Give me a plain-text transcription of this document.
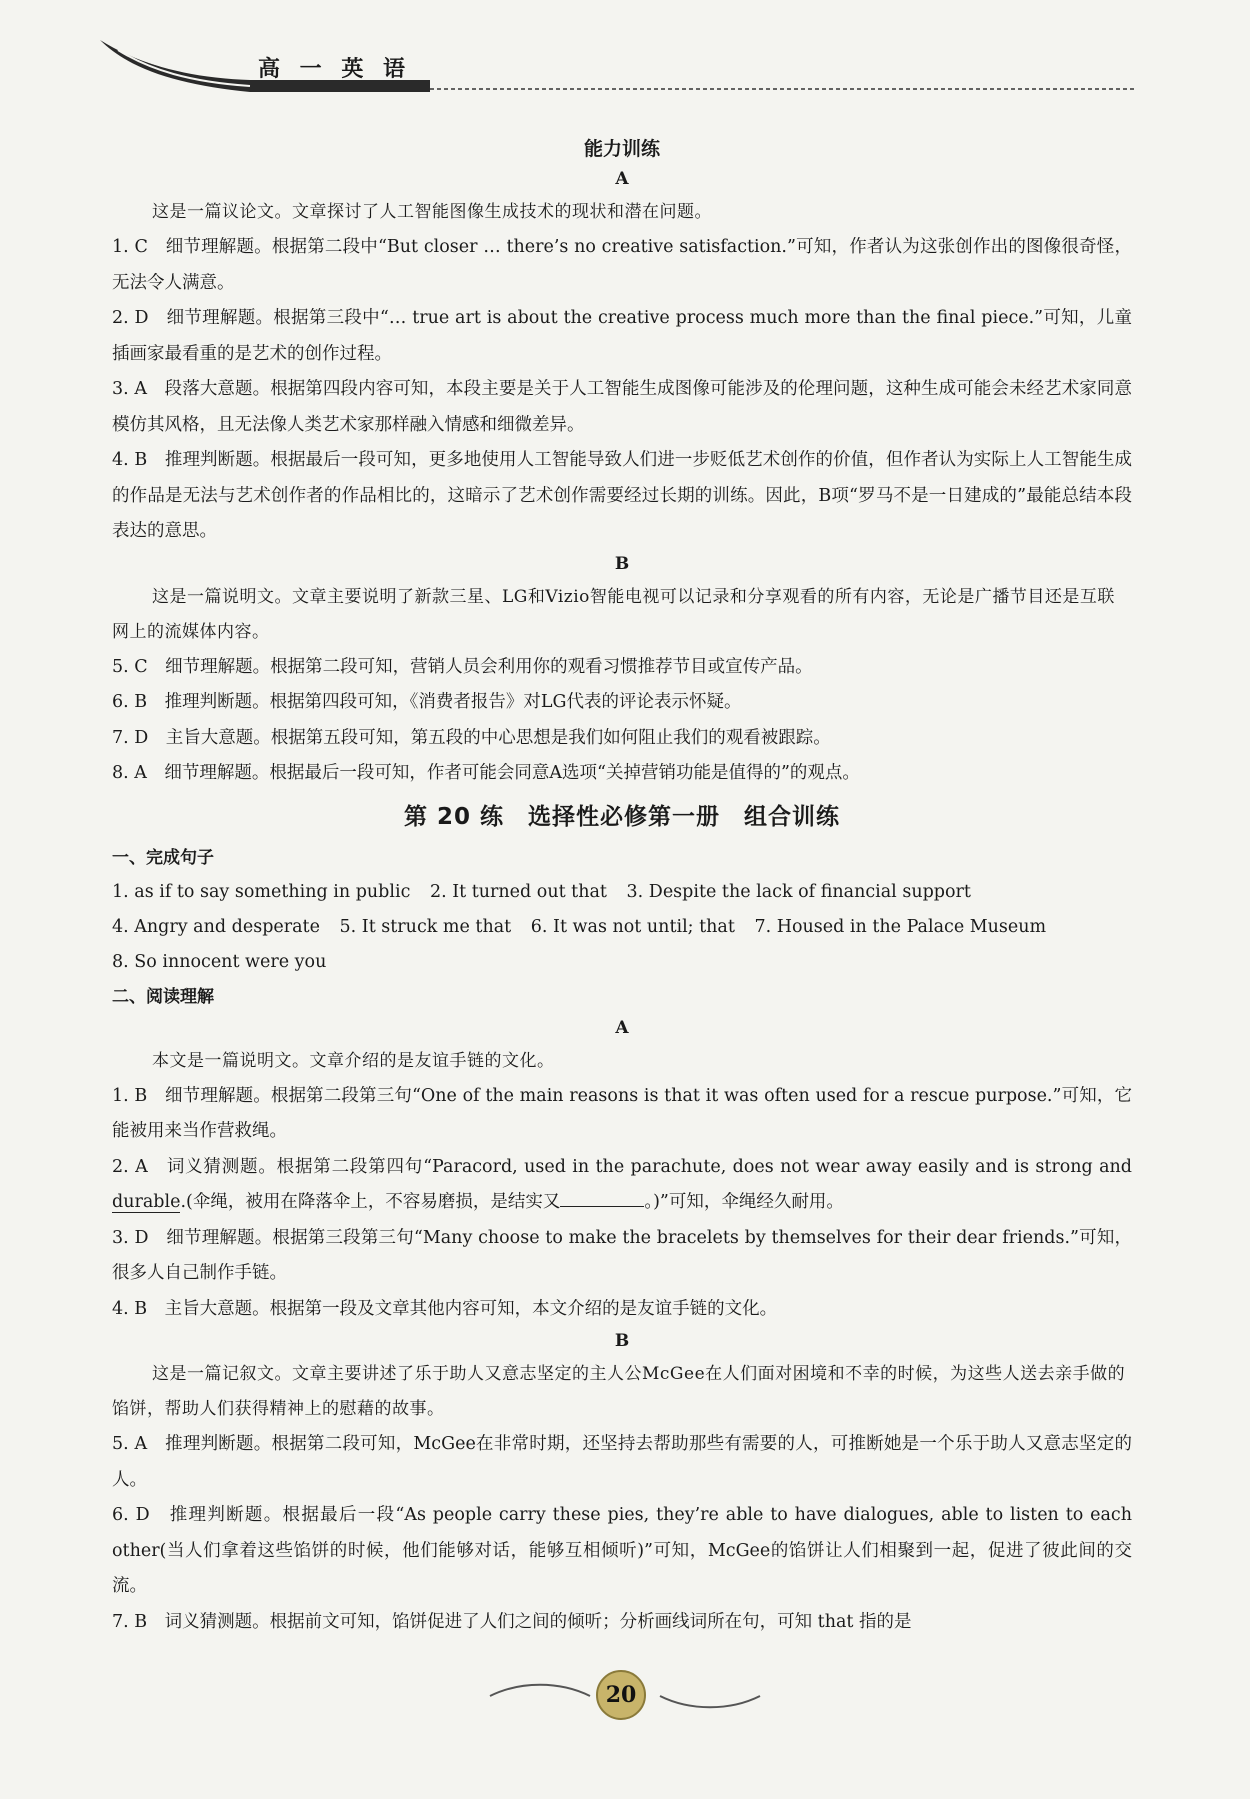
高 一 英 语
能力训练
A
这是一篇议论文。文章探讨了人工智能图像生成技术的现状和潜在问题。
1. C　细节理解题。根据第二段中“But closer … there’s no creative satisfaction.”可知，作者认为这张创作出的图像很奇怪，无法令人满意。
2. D　细节理解题。根据第三段中“… true art is about the creative process much more than the final piece.”可知，儿童插画家最看重的是艺术的创作过程。
3. A　段落大意题。根据第四段内容可知，本段主要是关于人工智能生成图像可能涉及的伦理问题，这种生成可能会未经艺术家同意模仿其风格，且无法像人类艺术家那样融入情感和细微差异。
4. B　推理判断题。根据最后一段可知，更多地使用人工智能导致人们进一步贬低艺术创作的价值，但作者认为实际上人工智能生成的作品是无法与艺术创作者的作品相比的，这暗示了艺术创作需要经过长期的训练。因此，B项“罗马不是一日建成的”最能总结本段表达的意思。
B
这是一篇说明文。文章主要说明了新款三星、LG和Vizio智能电视可以记录和分享观看的所有内容，无论是广播节目还是互联网上的流媒体内容。
5. C　细节理解题。根据第二段可知，营销人员会利用你的观看习惯推荐节目或宣传产品。
6. B　推理判断题。根据第四段可知，《消费者报告》对LG代表的评论表示怀疑。
7. D　主旨大意题。根据第五段可知，第五段的中心思想是我们如何阻止我们的观看被跟踪。
8. A　细节理解题。根据最后一段可知，作者可能会同意A选项“关掉营销功能是值得的”的观点。
第 20 练　选择性必修第一册　组合训练
一、完成句子
1. as if to say something in public 2. It turned out that 3. Despite the lack of financial support
4. Angry and desperate 5. It struck me that 6. It was not until; that 7. Housed in the Palace Museum
8. So innocent were you
二、阅读理解
A
本文是一篇说明文。文章介绍的是友谊手链的文化。
1. B　细节理解题。根据第二段第三句“One of the main reasons is that it was often used for a rescue purpose.”可知，它能被用来当作营救绳。
2. A　词义猜测题。根据第二段第四句“Paracord, used in the parachute, does not wear away easily and is strong and durable.(伞绳，被用在降落伞上，不容易磨损，是结实又	。)”可知，伞绳经久耐用。
3. D　细节理解题。根据第三段第三句“Many choose to make the bracelets by themselves for their dear friends.”可知，很多人自己制作手链。
4. B　主旨大意题。根据第一段及文章其他内容可知，本文介绍的是友谊手链的文化。
B
这是一篇记叙文。文章主要讲述了乐于助人又意志坚定的主人公McGee在人们面对困境和不幸的时候，为这些人送去亲手做的馅饼，帮助人们获得精神上的慰藉的故事。
5. A　推理判断题。根据第二段可知，McGee在非常时期，还坚持去帮助那些有需要的人，可推断她是一个乐于助人又意志坚定的人。
6. D　推理判断题。根据最后一段“As people carry these pies, they’re able to have dialogues, able to listen to each other(当人们拿着这些馅饼的时候，他们能够对话，能够互相倾听)”可知，McGee的馅饼让人们相聚到一起，促进了彼此间的交流。
7. B　词义猜测题。根据前文可知，馅饼促进了人们之间的倾听；分析画线词所在句，可知 that 指的是
20
